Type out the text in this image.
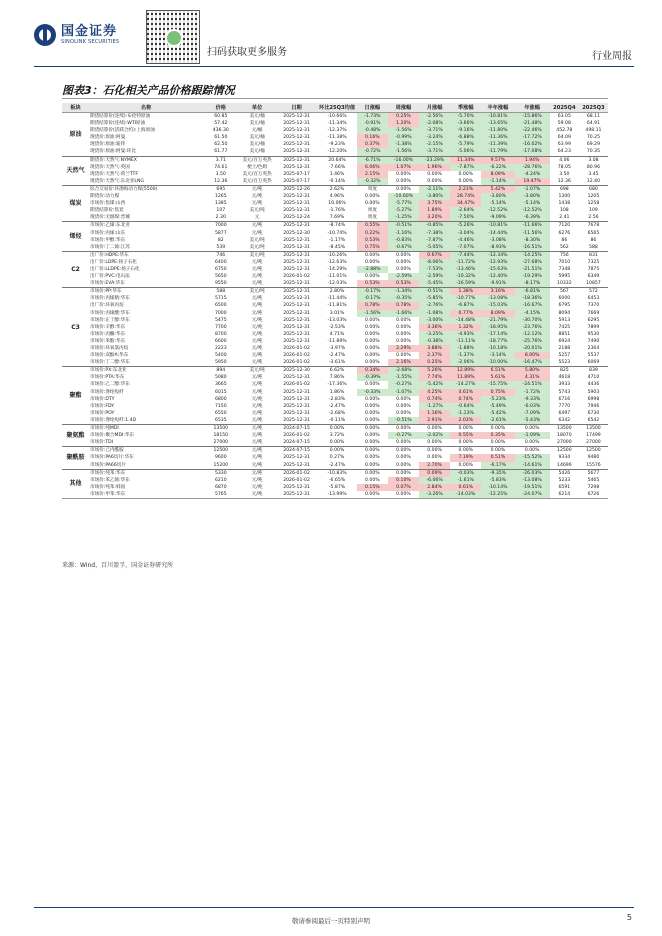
国金证券
SINOLINK SECURITIES
扫码获取更多服务	行业周报
图表3：石化相关产品价格跟踪情况
板块	名称	价格	单位	日期	环比25Q3均值	日涨幅	周涨幅	月涨幅	季涨幅	半年涨幅	年涨幅	2025Q4	2025Q3
原油	期货结算价(连续):布伦特原油	60.85	美元/桶	2025-12-31	-10.66%	-1.73%	0.25%	-2.56%	-5.70%	-10.81%	-15.86%	63.05	68.11
	期货结算价(连续):WTI原油	57.42	美元/桶	2025-12-31	-11.34%	-0.91%	1.20%	-2.08%	-3.66%	-13.65%	-21.48%	59.08	64.91
	期货结算价(活跃合约):上海原油	436.30	元/桶	2025-12-31	-12.37%	-0.48%	-1.56%	-3.71%	-9.16%	-11.80%	-22.46%	452.78	498.11
	现货价:原油:阿曼	61.50	美元/桶	2025-12-31	-11.38%	0.16%	-0.99%	-3.24%	-6.88%	-11.36%	-17.72%	64.09	70.25
	现货价:原油:迪拜	62.50	美元/桶	2025-12-31	-9.23%	0.37%	-1.38%	-2.15%	-5.79%	-11.39%	-16.02%	63.99	69.29
	现货价:原油:阿曼:环比	61.77	美元/桶	2025-12-31	-12.20%	-0.72%	-1.56%	-3.71%	-5.06%	-11.79%	-17.08%	64.23	70.35
天然气	期货价:天然气:NYMEX	3.71	美元/百万英热	2025-12-31	20.64%	-6.71%	-16.00%	-23.29%	11.34%	9.57%	1.94%	4.06	3.08
	现货价:天然气:英国	74.61	便士/色姆	2025-12-31	-7.66%	6.06%	1.07%	1.96%	-7.87%	-6.22%	-28.76%	78.05	80.96
	现货价:天然气:荷兰TTF	3.50	美元/百万英热	2025-07-17	1.46%	2.15%	0.00%	0.00%	0.00%	8.09%	-4.24%	3.50	3.45
	现货价:天然气:东北亚LNG	12.36	美元/百万英热	2025-07-17	-0.14%	-0.32%	0.00%	0.00%	0.00%	-1.14%	19.47%	12.36	12.40
煤炭	综合交易价:环渤海动力煤(5500)	695	元/吨	2025-12-26	2.62%	周度	0.00%	-2.11%	2.21%	5.42%	-1.07%	698	680
	期货价:动力煤	1265	元/吨	2025-12-31	4.96%	0.00%	-10.60%	-3.80%	28.74%	-3.80%	-3.80%	1300	1205
	市场价:焦煤:山西	1385	元/吨	2025-12-31	10.06%	0.00%	-5.77%	3.75%	34.47%	-5.14%	-5.14%	1438	1258
	期货结算价:焦炭	107	美元/吨	2025-12-31	-1.76%	周度	-5.27%	1.89%	-2.64%	-12.52%	-12.52%	108	109
	现货价:无烟煤:晋城	2.30	元	2025-12-24	7.69%	周度	-1.25%	3.20%	-7.50%	-9.09%	-6.39%	2.41	2.56
烯烃	市场价:乙烯:东北亚	7000	元/吨	2025-12-31	-8.74%	0.55%	-0.51%	-0.85%	-5.26%	-10.81%	-11.66%	7120	7678
	市场价:丙烯:山东	5877	元/吨	2025-12-30	-10.74%	0.22%	-1.16%	-7.38%	-3.04%	-14.44%	-11.56%	6276	6565
	市场价:甲醇:华东	82	美元/吨	2025-12-31	-1.17%	0.53%	-0.83%	-7.87%	-4.46%	-3.08%	-8.30%	86	86
	市场价:丁二烯:江苏	539	美元/吨	2025-12-31	-8.45%	0.75%	-0.67%	-5.05%	-7.07%	-8.93%	-16.51%	562	588
C2	出厂价:HDPE:华东	746	美元/吨	2025-12-31	-10.26%	0.00%	0.00%	0.67%	-7.44%	-12.34%	-14.25%	756	831
	出厂价:LDPE:扬子石化	6400	元/吨	2025-12-31	-12.63%	0.00%	0.00%	-8.06%	-11.72%	-12.93%	-27.68%	7010	7325
	出厂价:LLDPE:扬子石化	6750	元/吨	2025-12-31	-14.29%	-2.88%	0.00%	-7.53%	-13.46%	-15.63%	-21.51%	7348	7875
	出厂价:PVC:电石法	5650	元/吨	2026-01-02	-11.01%	0.00%	-2.59%	-2.59%	-10.32%	-12.40%	-19.29%	5995	6349
	市场价:EVA:华东	9550	元/吨	2025-12-31	-12.03%	0.53%	0.53%	-5.45%	-16.59%	-9.91%	-8.17%	10332	10857
C3	市场价:PP:华东	588	美元/吨	2025-12-31	2.80%	-0.17%	-1.34%	-0.51%	1.38%	3.16%	-6.81%	567	572
	市场价:丙烯腈:华东	5715	元/吨	2025-12-31	-11.44%	-0.17%	-0.35%	-5.85%	-10.77%	-13.08%	-18.36%	6000	6453
	出厂价:环氧丙烷	6500	元/吨	2025-12-31	-11.81%	0.78%	0.78%	-2.76%	-6.87%	-15.03%	-16.67%	6795	7370
	市场价:丙烯酸:华东	7000	元/吨	2025-12-31	3.01%	-1.56%	-1.66%	-1.08%	0.77%	8.09%	-4.15%	8094	7669
	市场价:正丁醇:华东	5475	元/吨	2025-12-31	-13.03%	0.00%	0.00%	-3.00%	-14.48%	-21.79%	-30.70%	5913	6295
	市场价:辛醇:华东	7700	元/吨	2025-12-31	-2.53%	0.00%	0.00%	3.36%	1.32%	-18.95%	-23.76%	7425	7899
	市场价:丙酮:华东	8700	元/吨	2025-12-31	4.71%	0.00%	0.00%	-3.25%	-4.93%	-17.14%	-12.12%	8851	9530
	市场价:苯酚:华东	6600	元/吨	2025-12-31	-11.89%	0.00%	0.00%	-0.38%	-11.11%	-18.77%	-25.76%	6924	7490
	市场价:环氧氯丙烷	2223	元/吨	2026-01-02	-3.97%	0.00%	2.29%	3.88%	-1.88%	-10.18%	-20.01%	2188	2364
	市场价:双酚A:华东	5400	元/吨	2026-01-02	-2.47%	0.00%	0.00%	2.37%	-1.37%	-3.14%	8.00%	5257	5537
	市场价:丁二醇:华东	5950	元/吨	2026-01-02	-3.61%	0.00%	2.16%	0.25%	-2.06%	-10.00%	-16.47%	5523	6069
聚酯	市场价:PX:东北亚	894	美元/吨	2025-12-30	6.62%	0.34%	-2.68%	5.26%	12.89%	6.51%	5.80%	825	839
	市场价:PTA:华东	5080	元/吨	2025-12-31	7.86%	-0.39%	-1.55%	7.74%	11.89%	5.61%	4.31%	4618	4710
	市场价:乙二醇:华东	3665	元/吨	2026-01-02	-17.36%	0.00%	-0.27%	-5.42%	-14.27%	-15.75%	-24.51%	3933	4436
	市场价:涤纶短纤	6015	元/吨	2025-12-31	1.86%	-0.33%	-1.07%	4.25%	4.61%	0.75%	-1.72%	5743	5903
	市场价:DTY	6800	元/吨	2025-12-31	-2.83%	0.00%	0.00%	0.74%	0.74%	-5.23%	-9.33%	6716	6998
	市场价:FDY	7150	元/吨	2025-12-31	-2.47%	0.00%	0.00%	-1.27%	-0.64%	-5.49%	-6.03%	7770	7946
	市场价:POY	6550	元/吨	2025-12-31	-2.68%	0.00%	0.00%	1.16%	-1.13%	-5.42%	-7.09%	6497	6730
	市场价:涤纶短纤:1.4D	6535	元/吨	2025-12-31	-0.11%	0.00%	-0.51%	2.91%	2.03%	-2.61%	-5.43%	6342	6542
聚氨酯	市场价:纯MDI	13500	元/吨	2024-07-15	0.00%	0.00%	0.00%	0.00%	0.00%	0.00%	0.00%	13500	13500
	市场价:聚合MDI:华东	18150	元/吨	2026-01-02	3.72%	0.00%	-0.27%	-2.02%	0.55%	0.35%	-1.09%	18070	17499
	市场价:TDI	27000	元/吨	2024-07-15	0.00%	0.00%	0.00%	0.00%	0.00%	0.00%	0.00%	27000	27000
聚酰胺	市场价:己内酰胺	12500	元/吨	2024-07-15	0.00%	0.00%	0.00%	0.00%	0.00%	0.00%	0.00%	12500	12500
	市场价:PA6切片:华东	9600	元/吨	2025-12-31	0.27%	0.00%	0.00%	0.00%	7.19%	0.51%	-15.52%	9334	9480
	市场价:PA66切片	15200	元/吨	2025-12-31	-2.47%	0.00%	0.00%	2.70%	0.00%	-6.17%	-14.61%	14696	15576
其他	市场价:纯苯:华东	5330	元/吨	2026-01-02	-10.83%	0.00%	0.00%	0.09%	-0.03%	-9.35%	-26.03%	5426	5677
	市场价:苯乙烯:华东	6210	元/吨	2026-01-02	-6.65%	0.00%	0.10%	-6.06%	-1.61%	-5.83%	-13.08%	5233	5465
	市场价:纯苯:韩国	6870	元/吨	2025-12-31	-5.87%	0.15%	0.07%	2.84%	0.61%	-10.14%	-19.51%	6591	7298
	市场价:甲苯:华东	5765	元/吨	2025-12-31	-13.99%	0.00%	0.00%	-3.26%	-14.03%	-12.25%	-24.07%	6214	6726
来源：Wind，百川盈孚，国金证券研究所
敬请参阅最后一页特别声明	5
